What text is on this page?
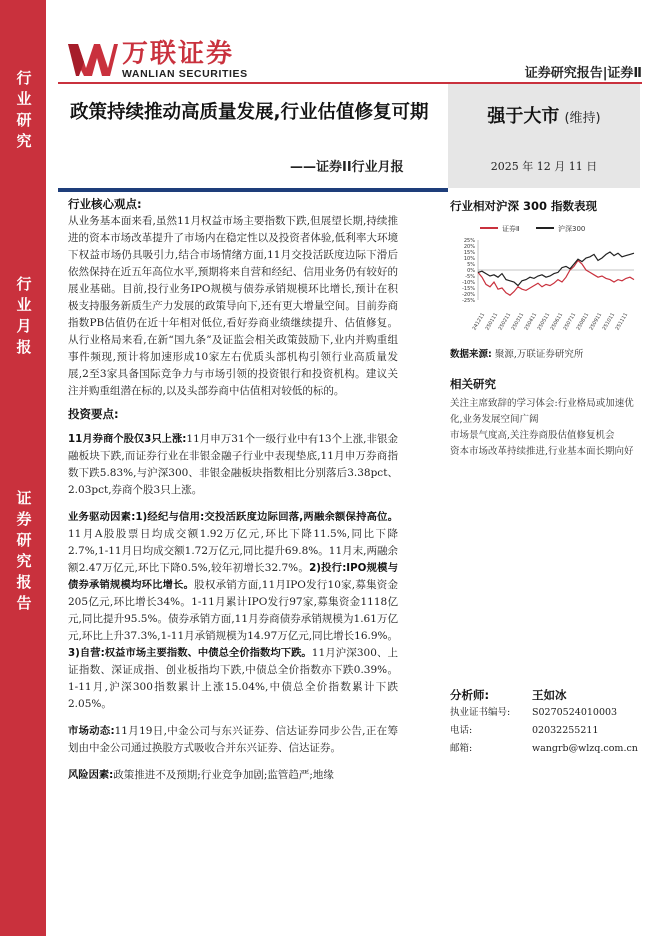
行业研究
行业月报
证券研究报告
万联证券
WANLIAN SECURITIES	证券研究报告|证券Ⅱ
政策持续推动高质量发展,行业估值修复可期
——证券II行业月报
强于大市 (维持)
2025 年 12 月 11 日
行业核心观点:

从业务基本面来看,虽然11月权益市场主要指数下跌,但展望长期,持续推进的资本市场改革提升了市场内在稳定性以及投资者体验,低利率大环境下权益市场仍具吸引力,结合市场情绪方面,11月交投活跃度边际下滑后依然保持在近五年高位水平,预期将来自营和经纪、信用业务仍有较好的展业基础。目前,投行业务IPO规模与债券承销规模环比增长,预计在积极支持服务新质生产力发展的政策导向下,还有更大增量空间。目前券商指数PB估值仍在近十年相对低位,看好券商业绩继续提升、估值修复。从行业格局来看,在新“国九条”及证监会相关政策鼓励下,业内并购重组事件频现,预计将加速形成10家左右优质头部机构引领行业高质量发展,2至3家具备国际竞争力与市场引领的投资银行和投资机构。建议关注并购重组潜在标的,以及头部券商中估值相对较低的标的。

投资要点:

11月券商个股仅3只上涨:11月申万31个一级行业中有13个上涨,非银金融板块下跌,而证券行业在非银金融子行业中表现垫底,11月申万券商指数下跌5.83%,与沪深300、非银金融板块指数相比分别落后3.38pct、2.03pct,券商个股3只上涨。

业务驱动因素:1)经纪与信用:交投活跃度边际回落,两融余额保持高位。11月A股股票日均成交额1.92万亿元,环比下降11.5%,同比下降2.7%,1-11月日均成交额1.72万亿元,同比提升69.8%。11月末,两融余额2.47万亿元,环比下降0.5%,较年初增长32.7%。2)投行:IPO规模与债券承销规模均环比增长。股权承销方面,11月IPO发行10家,募集资金205亿元,环比增长34%。1-11月累计IPO发行97家,募集资金1118亿元,同比提升95.5%。债券承销方面,11月券商债券承销规模为1.61万亿元,环比上升37.3%,1-11月承销规模为14.97万亿元,同比增长16.9%。3)自营:权益市场主要指数、中债总全价指数均下跌。11月沪深300、上证指数、深证成指、创业板指均下跌,中债总全价指数亦下跌0.39%。1-11月,沪深300指数累计上涨15.04%,中债总全价指数累计下跌2.05%。

市场动态:11月19日,中金公司与东兴证券、信达证券同步公告,正在筹划由中金公司通过换股方式吸收合并东兴证券、信达证券。

风险因素:政策推进不及预期;行业竞争加剧;监管趋严;地缘

行业相对沪深 300 指数表现
证券Ⅱ	沪深300
25%
20%
15%
10%
5%
0%
-5%
-10%
-15%
-20%
-25%
241211
250111
250211
250311
250411
250511
250611
250711
250811
250911
251011
251111
数据来源: 聚源,万联证券研究所
相关研究
关注主席致辞的学习体会:行业格局或加速优化,业务发展空间广阔
市场景气度高,关注券商股估值修复机会
资本市场改革持续推进,行业基本面长期向好
分析师:	王如冰
执业证书编号:	S0270524010003
电话:	02032255211
邮箱:	wangrb@wlzq.com.cn
